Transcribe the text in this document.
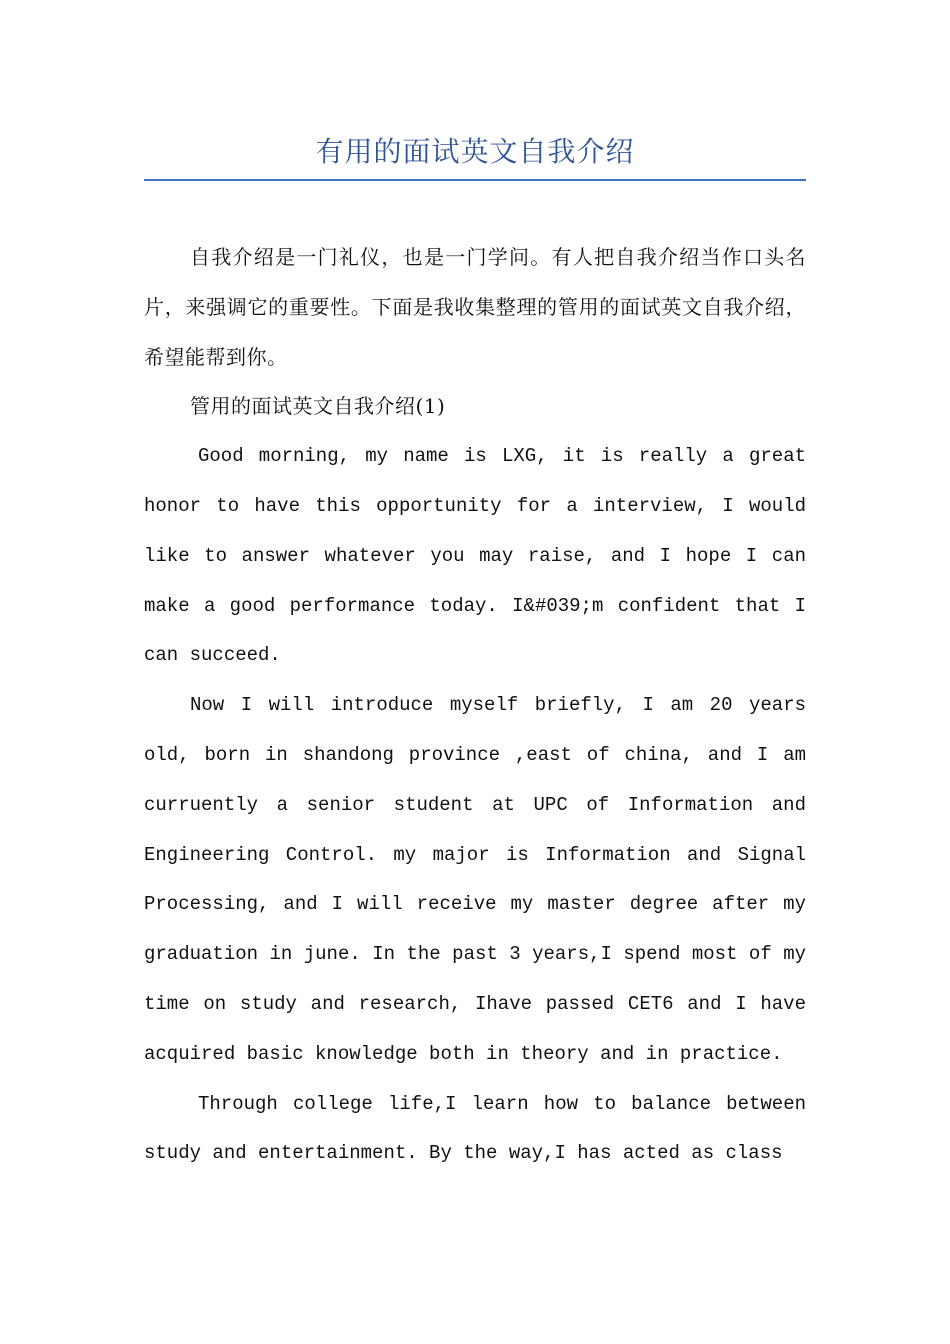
有用的面试英文自我介绍

自我介绍是一门礼仪，也是一门学问。有人把自我介绍当作口头名片，来强调它的重要性。下面是我收集整理的管用的面试英文自我介绍，希望能帮到你。

管用的面试英文自我介绍(1)

Good morning, my name is LXG, it is really a great honor to have this opportunity for a interview, I would like to answer whatever you may raise, and I hope I can make a good performance today. I&#039;m confident that I can succeed.

Now I will introduce myself briefly, I am 20 years old, born in shandong province ,east of china, and I am curruently a senior student at UPC of Information and Engineering Control. my major is Information and Signal Processing, and I will receive my master degree after my graduation in june. In the past 3 years,I spend most of my time on study and research, Ihave passed CET6 and I have acquired basic knowledge both in theory and in practice.

Through college life,I learn how to balance between study and entertainment. By the way,I has acted as class
